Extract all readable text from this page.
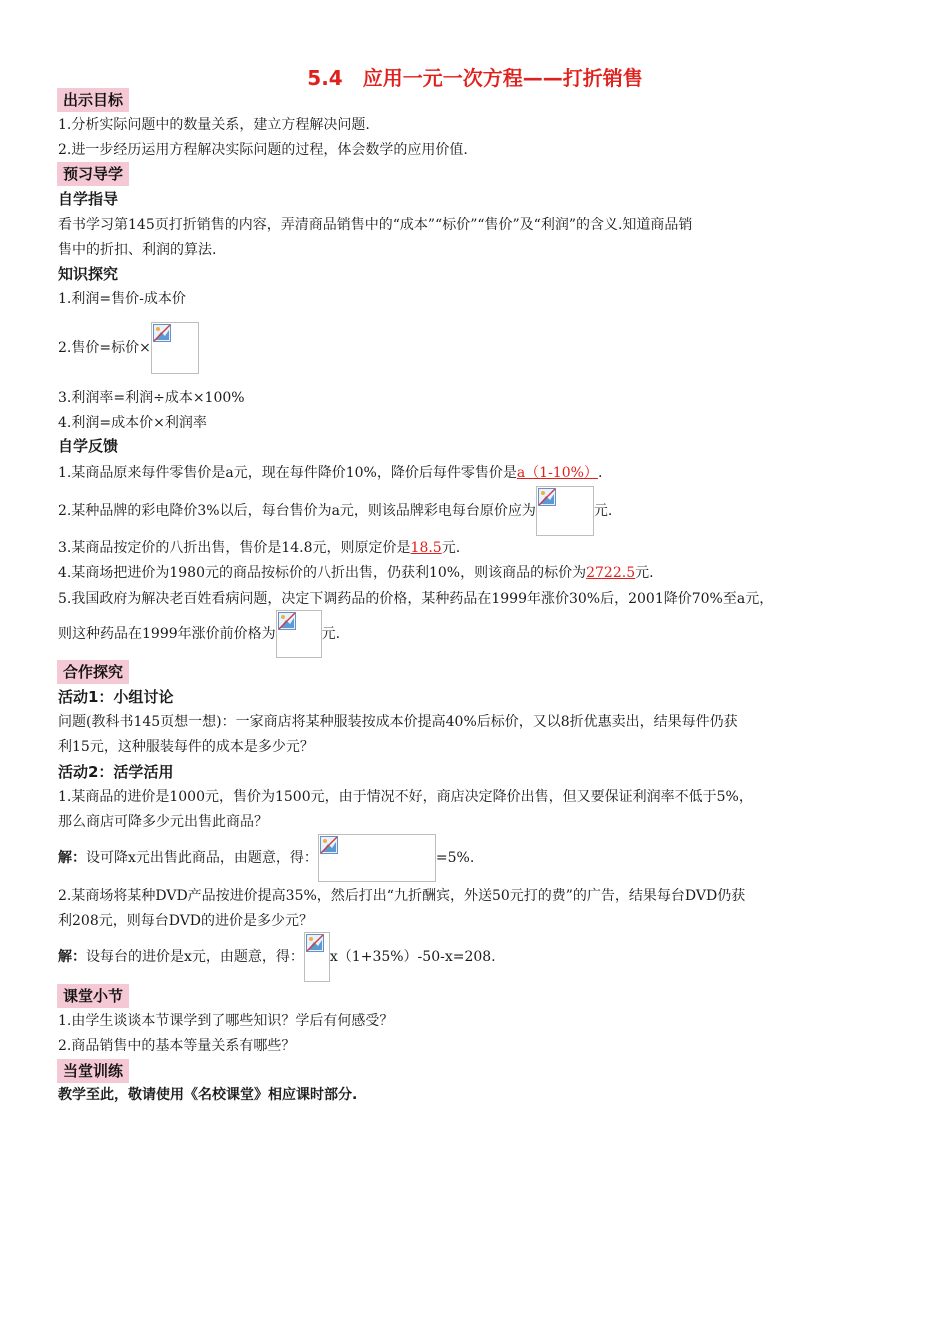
5.4　应用一元一次方程——打折销售
出示目标
1.分析实际问题中的数量关系，建立方程解决问题.
2.进一步经历运用方程解决实际问题的过程，体会数学的应用价值.
预习导学
自学指导
看书学习第145页打折销售的内容，弄清商品销售中的“成本”“标价”“售价”及“利润”的含义.知道商品销
售中的折扣、利润的算法.
知识探究
1.利润=售价-成本价
2.售价=标价×
3.利润率=利润÷成本×100%
4.利润=成本价×利润率
自学反馈
1.某商品原来每件零售价是a元，现在每件降价10%，降价后每件零售价是a（1-10%）.
2.某种品牌的彩电降价3%以后，每台售价为a元，则该品牌彩电每台原价应为	元.
3.某商品按定价的八折出售，售价是14.8元，则原定价是18.5元.
4.某商场把进价为1980元的商品按标价的八折出售，仍获利10%，则该商品的标价为2722.5元.
5.我国政府为解决老百姓看病问题，决定下调药品的价格，某种药品在1999年涨价30%后，2001降价70%至a元，
则这种药品在1999年涨价前价格为	元.
合作探究
活动1：小组讨论
问题(教科书145页想一想)：一家商店将某种服装按成本价提高40%后标价，又以8折优惠卖出，结果每件仍获
利15元，这种服装每件的成本是多少元？
活动2：活学活用
1.某商品的进价是1000元，售价为1500元，由于情况不好，商店决定降价出售，但又要保证利润率不低于5%，
那么商店可降多少元出售此商品？
解：设可降x元出售此商品，由题意，得：	=5%.
2.某商场将某种DVD产品按进价提高35%，然后打出“九折酬宾，外送50元打的费”的广告，结果每台DVD仍获
利208元，则每台DVD的进价是多少元？
解：设每台的进价是x元，由题意，得： x（1+35%）-50-x=208.
课堂小节
1.由学生谈谈本节课学到了哪些知识？学后有何感受？
2.商品销售中的基本等量关系有哪些？
当堂训练
教学至此，敬请使用《名校课堂》相应课时部分.
